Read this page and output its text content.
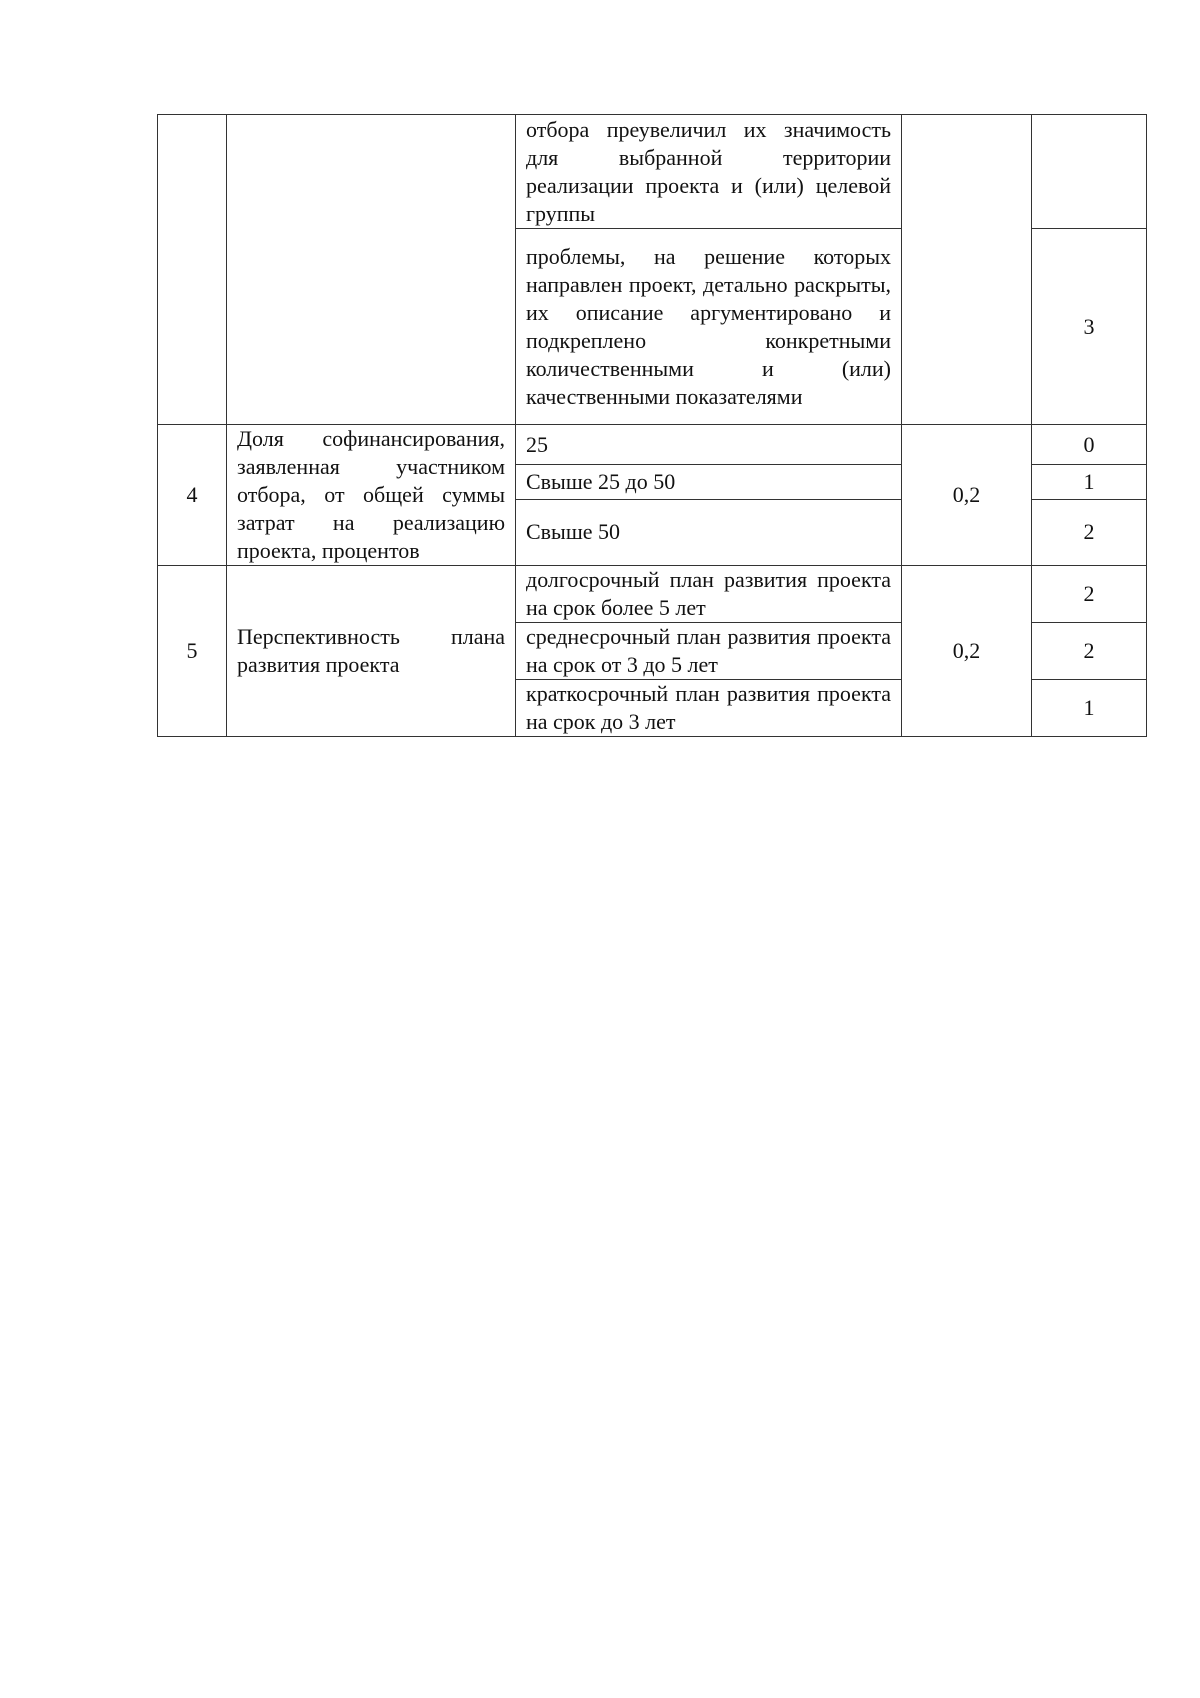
		отбора преувеличил их значимость для выбранной территории реализации проекта и (или) целевой группы		
		проблемы, на решение которых направлен проект, детально раскрыты, их описание аргументировано и подкреплено конкретными количественными и (или) качественными показателями		3
4	Доля софинансирования, заявленная участником отбора, от общей суммы затрат на реализацию проекта, процентов	25	0,2	0
		Свыше 25 до 50		1
		Свыше 50		2
5	Перспективность плана развития проекта	долгосрочный план развития проекта на срок более 5 лет	0,2	2
		среднесрочный план развития проекта на срок от 3 до 5 лет		2
		краткосрочный план развития проекта на срок до 3 лет		1
